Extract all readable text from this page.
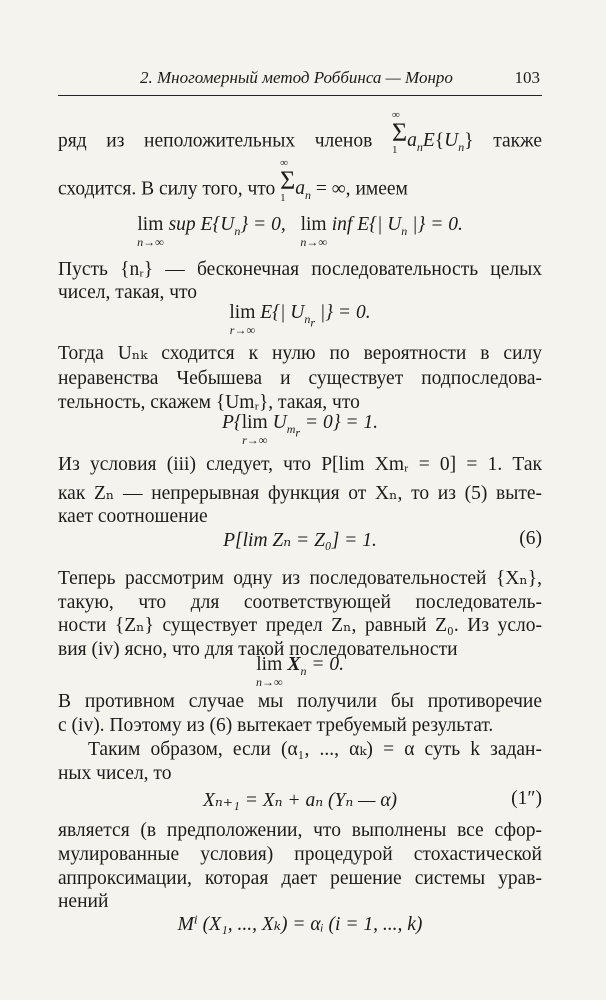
2. Многомерный метод Роббинса — Монро	103
ряд из неположительных членов
∞
Σ
1 $a_nE\{U_n\}$ также
сходится. В силу того, что
∞
Σ
1 $a_n$ = ∞, имеем
lim
n→∞
sup $E\{U_n\} = 0$,   lim
n→∞
inf E{| $U_n$ |} = 0.
Пусть {nᵣ} — бесконечная последовательность целых
чисел, такая, что
lim
r→∞
E{| $U_{n_r}$ |} = 0.
Тогда Uₙₖ сходится к нулю по вероятности в силу
неравенства Чебышева и существует подпоследова-
тельность, скажем {Umᵣ}, такая, что
P{lim
r→∞
$U_{m_r} = 0\} = 1$.
Из условия (iii) следует, что P[lim Xmᵣ = 0] = 1. Так
как Zₙ — непрерывная функция от Xₙ, то из (5) выте-
кает соотношение
P[lim Zₙ = Z₀] = 1.	(6)
Теперь рассмотрим одну из последовательностей {Xₙ},
такую, что для соответствующей последователь-
ности {Zₙ} существует предел Zₙ, равный Z₀. Из усло-
вия (iv) ясно, что для такой последовательности
lim
n→∞
$X_n = 0$.
В противном случае мы получили бы противоречие
с (iv). Поэтому из (6) вытекает требуемый результат.
Таким образом, если (α₁, ..., αₖ) = α суть k задан-
ных чисел, то
Xₙ₊₁ = Xₙ + aₙ (Yₙ — α)	(1″)
является (в предположении, что выполнены все сфор-
мулированные условия) процедурой стохастической
аппроксимации, которая дает решение системы урав-
нений
Mⁱ (X₁, ..., Xₖ) = αᵢ (i = 1, ..., k)
